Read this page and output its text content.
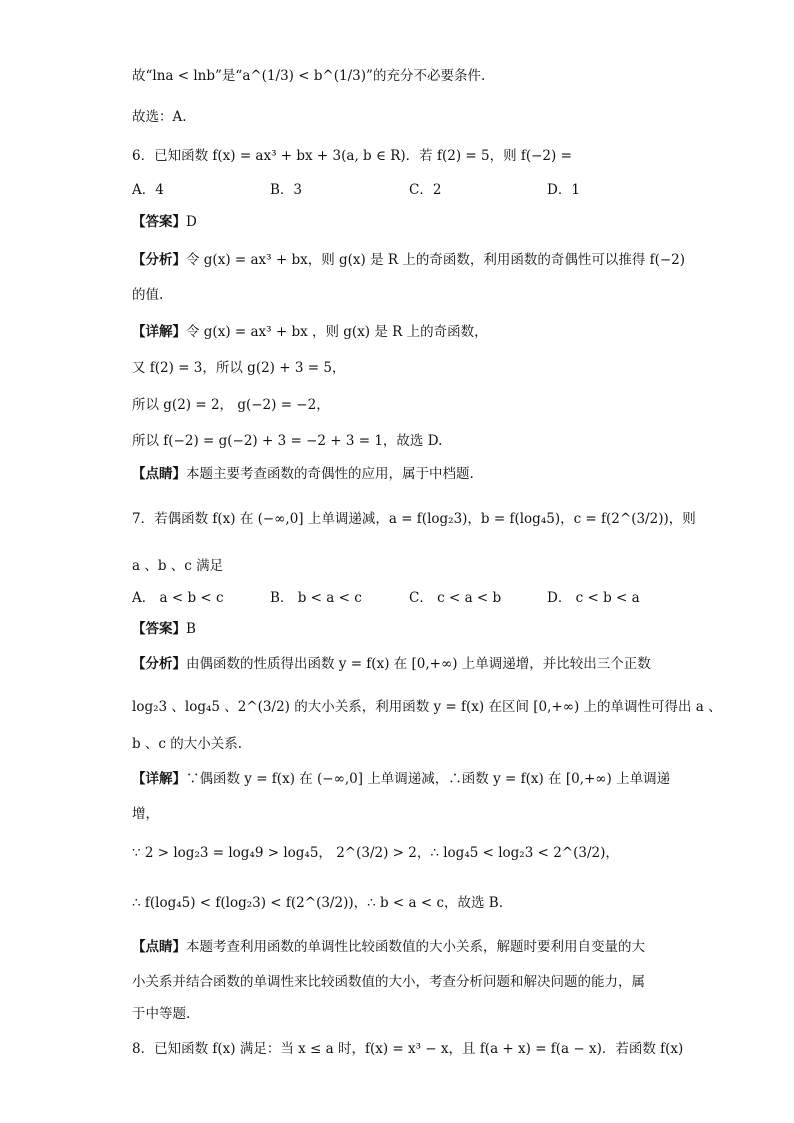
故“lna < lnb”是“a^(1/3) < b^(1/3)”的充分不必要条件.
故选：A.
6．已知函数 f(x) = ax³ + bx + 3(a, b ∈ R)．若 f(2) = 5，则 f(−2) =
A．4	B．3	C．2	D．1
【答案】D
【分析】令 g(x) = ax³ + bx，则 g(x) 是 R 上的奇函数，利用函数的奇偶性可以推得 f(−2)
的值.
【详解】令 g(x) = ax³ + bx ，则 g(x) 是 R 上的奇函数，
又 f(2) = 3，所以 g(2) + 3 = 5，
所以 g(2) = 2， g(−2) = −2，
所以 f(−2) = g(−2) + 3 = −2 + 3 = 1，故选 D.
【点睛】本题主要考查函数的奇偶性的应用，属于中档题.
7．若偶函数 f(x) 在 (−∞,0] 上单调递减，a = f(log₂3)，b = f(log₄5)，c = f(2^(3/2))，则
a 、b 、c 满足
A． a < b < c	B． b < a < c	C． c < a < b	D． c < b < a
【答案】B
【分析】由偶函数的性质得出函数 y = f(x) 在 [0,+∞) 上单调递增，并比较出三个正数
log₂3 、log₄5 、2^(3/2) 的大小关系，利用函数 y = f(x) 在区间 [0,+∞) 上的单调性可得出 a 、
b 、c 的大小关系.
【详解】∵偶函数 y = f(x) 在 (−∞,0] 上单调递减，∴函数 y = f(x) 在 [0,+∞) 上单调递
增，
∵ 2 > log₂3 = log₄9 > log₄5， 2^(3/2) > 2，∴ log₄5 < log₂3 < 2^(3/2)，
∴ f(log₄5) < f(log₂3) < f(2^(3/2))，∴ b < a < c，故选 B.
【点睛】本题考查利用函数的单调性比较函数值的大小关系，解题时要利用自变量的大
小关系并结合函数的单调性来比较函数值的大小，考查分析问题和解决问题的能力，属
于中等题.
8．已知函数 f(x) 满足：当 x ≤ a 时，f(x) = x³ − x，且 f(a + x) = f(a − x)．若函数 f(x)
